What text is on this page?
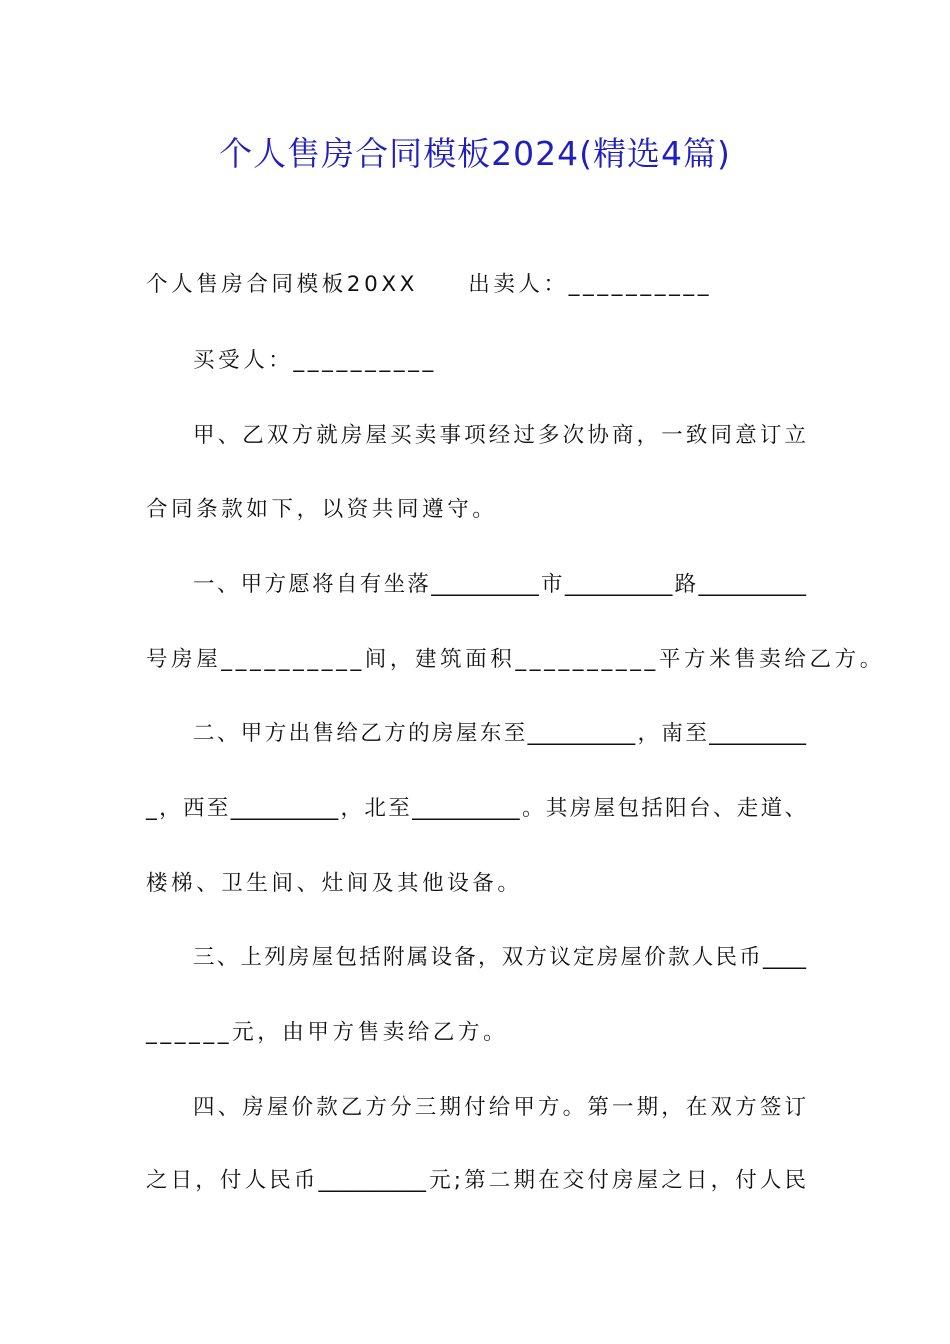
个人售房合同模板2024(精选4篇)
个人售房合同模板20XX　　出卖人：__________
买受人：__________
甲、乙双方就房屋买卖事项经过多次协商，一致同意订立
合同条款如下，以资共同遵守。
一、甲方愿将自有坐落__________市__________路__________
号房屋__________间，建筑面积__________平方米售卖给乙方。
二、甲方出售给乙方的房屋东至__________，南至_________
_，西至__________，北至__________。其房屋包括阳台、走道、
楼梯、卫生间、灶间及其他设备。
三、上列房屋包括附属设备，双方议定房屋价款人民币____
______元，由甲方售卖给乙方。
四、房屋价款乙方分三期付给甲方。第一期，在双方签订
之日，付人民币__________元;第二期在交付房屋之日，付人民
